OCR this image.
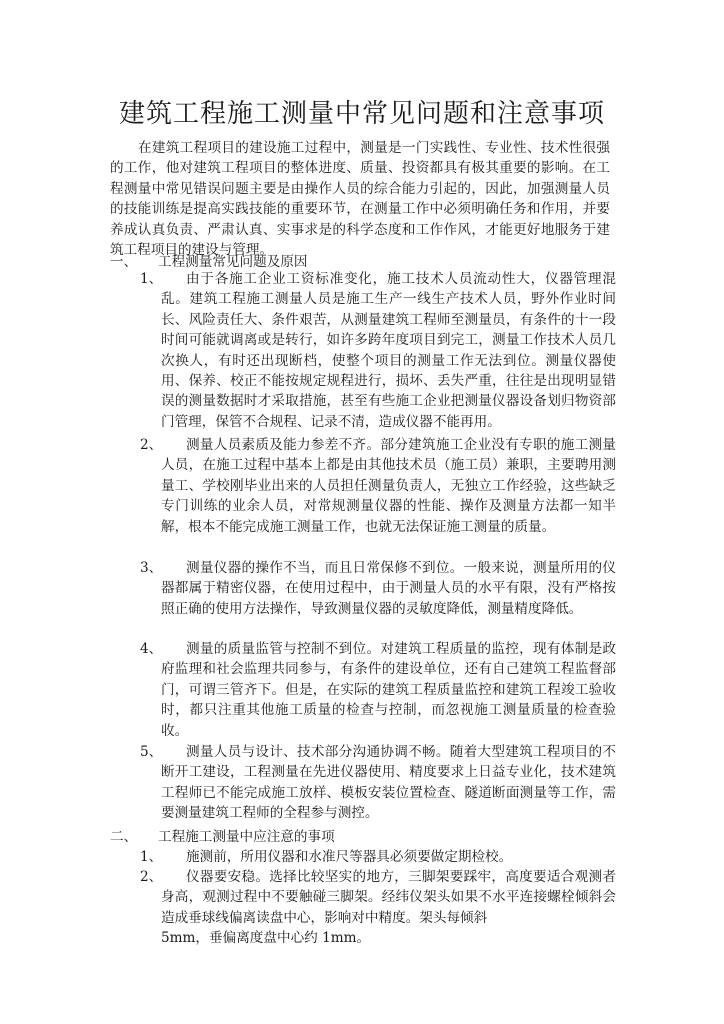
建筑工程施工测量中常见问题和注意事项
在建筑工程项目的建设施工过程中，测量是一门实践性、专业性、技术性很强的工作，他对建筑工程项目的整体进度、质量、投资都具有极其重要的影响。在工程测量中常见错误问题主要是由操作人员的综合能力引起的，因此，加强测量人员的技能训练是提高实践技能的重要环节，在测量工作中必须明确任务和作用，并要养成认真负责、严肃认真、实事求是的科学态度和工作作风，才能更好地服务于建筑工程项目的建设与管理。
一、 工程测量常见问题及原因
1、	由于各施工企业工资标准变化，施工技术人员流动性大，仪器管理混乱。建筑工程施工测量人员是施工生产一线生产技术人员，野外作业时间长、风险责任大、条件艰苦，从测量建筑工程师至测量员，有条件的十一段时间可能就调离或是转行，如许多跨年度项目到完工，测量工作技术人员几次换人，有时还出现断档，使整个项目的测量工作无法到位。测量仪器使用、保养、校正不能按规定规程进行，损坏、丢失严重，往往是出现明显错误的测量数据时才采取措施，甚至有些施工企业把测量仪器设备划归物资部门管理，保管不合规程、记录不清，造成仪器不能再用。
2、	测量人员素质及能力参差不齐。部分建筑施工企业没有专职的施工测量人员，在施工过程中基本上都是由其他技术员（施工员）兼职，主要聘用测量工、学校刚毕业出来的人员担任测量负责人，无独立工作经验，这些缺乏专门训练的业余人员，对常规测量仪器的性能、操作及测量方法都一知半解，根本不能完成施工测量工作，也就无法保证施工测量的质量。
3、	测量仪器的操作不当，而且日常保修不到位。一般来说，测量所用的仪器都属于精密仪器，在使用过程中，由于测量人员的水平有限，没有严格按照正确的使用方法操作，导致测量仪器的灵敏度降低，测量精度降低。
4、	测量的质量监管与控制不到位。对建筑工程质量的监控，现有体制是政府监理和社会监理共同参与，有条件的建设单位，还有自己建筑工程监督部门，可谓三管齐下。但是，在实际的建筑工程质量监控和建筑工程竣工验收时，都只注重其他施工质量的检查与控制，而忽视施工测量质量的检查验收。
5、	测量人员与设计、技术部分沟通协调不畅。随着大型建筑工程项目的不断开工建设，工程测量在先进仪器使用、精度要求上日益专业化，技术建筑工程师已不能完成施工放样、模板安装位置检查、隧道断面测量等工作，需要测量建筑工程师的全程参与测控。
二、 工程施工测量中应注意的事项
1、	施测前，所用仪器和水准尺等器具必须要做定期检校。
2、	仪器要安稳。选择比较坚实的地方，三脚架要踩牢，高度要适合观测者身高，观测过程中不要触碰三脚架。经纬仪架头如果不水平连接螺栓倾斜会造成垂球线偏离读盘中心，影响对中精度。架头每倾斜
5mm，垂偏离度盘中心约 1mm。
